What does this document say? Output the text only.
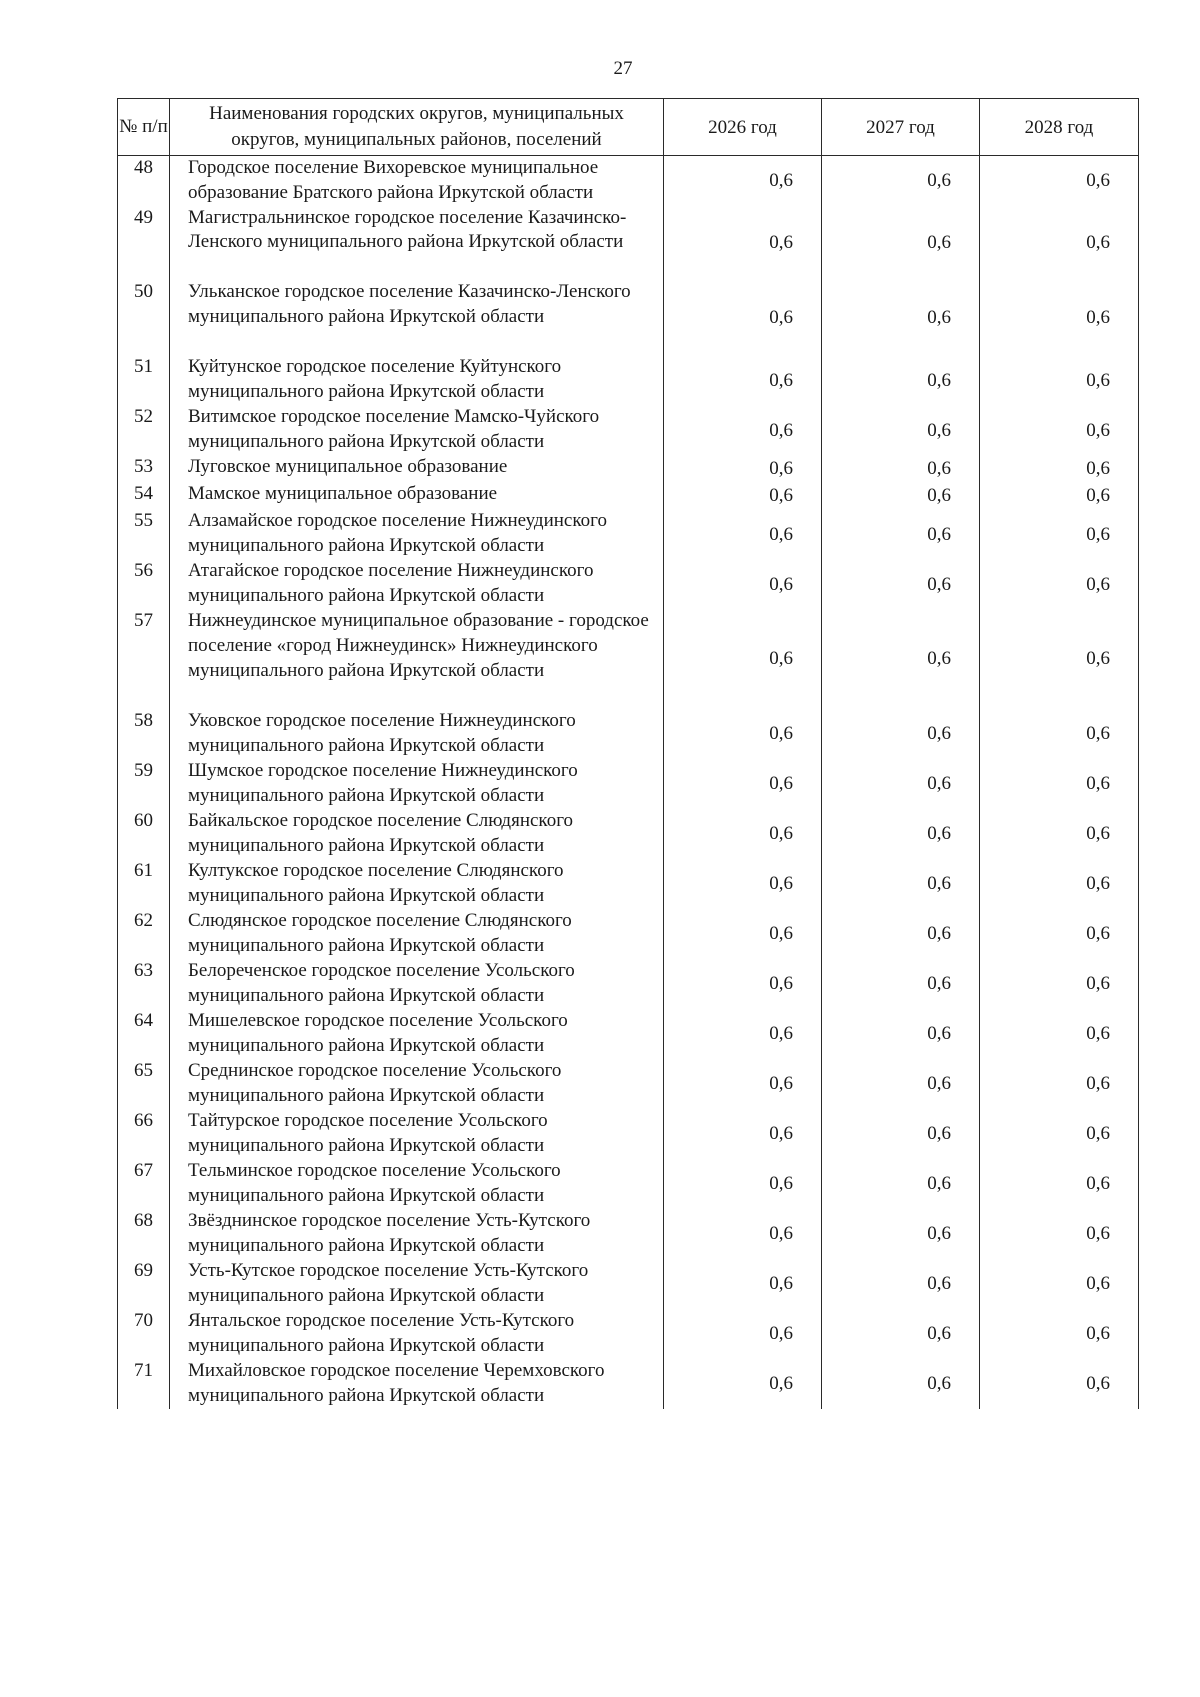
27
№ п/п	Наименования городских округов, муниципальных округов, муниципальных районов, поселений	2026 год	2027 год	2028 год
48	Городское поселение Вихоревское муниципальное образование Братского района Иркутской области	0,6	0,6	0,6
49	Магистральнинское городское поселение Казачинско-Ленского муниципального района Иркутской области	0,6	0,6	0,6
50	Ульканское городское поселение Казачинско-Ленского муниципального района Иркутской области	0,6	0,6	0,6
51	Куйтунское городское поселение Куйтунского муниципального района Иркутской области	0,6	0,6	0,6
52	Витимское городское поселение Мамско-Чуйского муниципального района Иркутской области	0,6	0,6	0,6
53	Луговское муниципальное образование	0,6	0,6	0,6
54	Мамское муниципальное образование	0,6	0,6	0,6
55	Алзамайское городское поселение Нижнеудинского муниципального района Иркутской области	0,6	0,6	0,6
56	Атагайское городское поселение Нижнеудинского муниципального района Иркутской области	0,6	0,6	0,6
57	Нижнеудинское муниципальное образование - городское поселение «город Нижнеудинск» Нижнеудинского муниципального района Иркутской области	0,6	0,6	0,6
58	Уковское городское поселение Нижнеудинского муниципального района Иркутской области	0,6	0,6	0,6
59	Шумское городское поселение Нижнеудинского муниципального района Иркутской области	0,6	0,6	0,6
60	Байкальское городское поселение Слюдянского муниципального района Иркутской области	0,6	0,6	0,6
61	Култукское городское поселение Слюдянского муниципального района Иркутской области	0,6	0,6	0,6
62	Слюдянское городское поселение Слюдянского муниципального района Иркутской области	0,6	0,6	0,6
63	Белореченское городское поселение Усольского муниципального района Иркутской области	0,6	0,6	0,6
64	Мишелевское городское поселение Усольского муниципального района Иркутской области	0,6	0,6	0,6
65	Среднинское городское поселение Усольского муниципального района Иркутской области	0,6	0,6	0,6
66	Тайтурское городское поселение Усольского муниципального района Иркутской области	0,6	0,6	0,6
67	Тельминское городское поселение Усольского муниципального района Иркутской области	0,6	0,6	0,6
68	Звёзднинское городское поселение Усть-Кутского муниципального района Иркутской области	0,6	0,6	0,6
69	Усть-Кутское городское поселение Усть-Кутского муниципального района Иркутской области	0,6	0,6	0,6
70	Янтальское городское поселение Усть-Кутского муниципального района Иркутской области	0,6	0,6	0,6
71	Михайловское городское поселение Черемховского муниципального района Иркутской области	0,6	0,6	0,6
